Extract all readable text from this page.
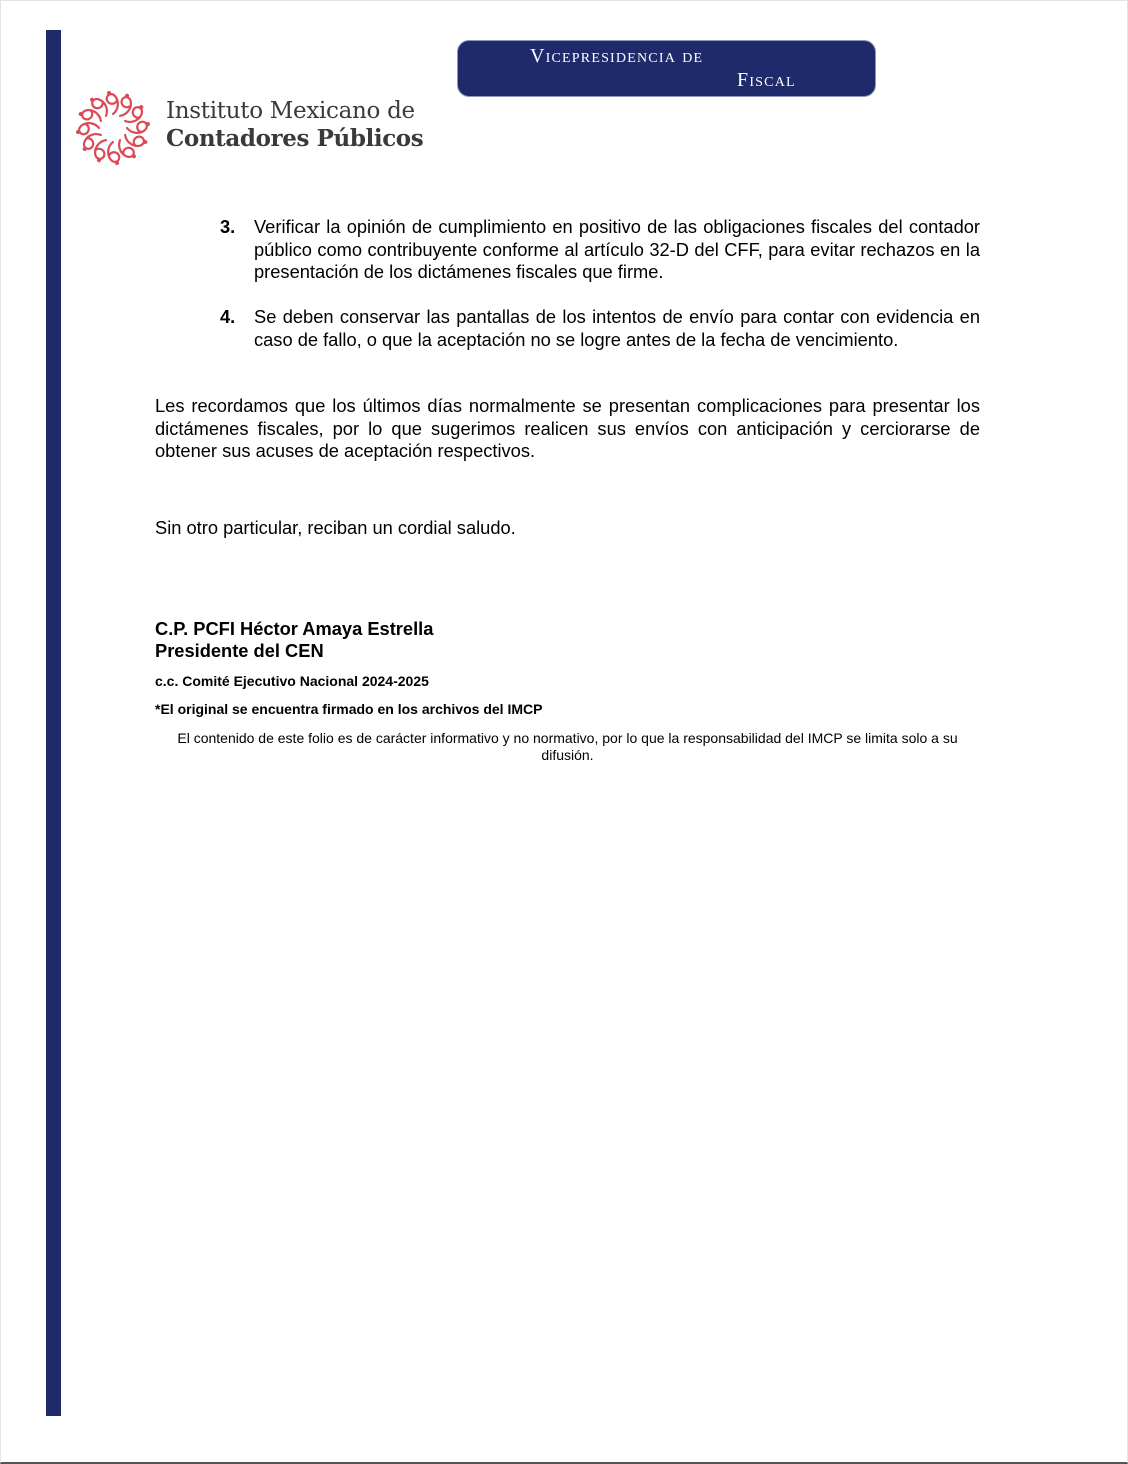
Vicepresidencia de
Fiscal
Instituto Mexicano de
Contadores Públicos
3. Verificar la opinión de cumplimiento en positivo de las obligaciones fiscales del contador público como contribuyente conforme al artículo 32-D del CFF, para evitar rechazos en la presentación de los dictámenes fiscales que firme.
4. Se deben conservar las pantallas de los intentos de envío para contar con evidencia en caso de fallo, o que la aceptación no se logre antes de la fecha de vencimiento.
Les recordamos que los últimos días normalmente se presentan complicaciones para presentar los dictámenes fiscales, por lo que sugerimos realicen sus envíos con anticipación y cerciorarse de obtener sus acuses de aceptación respectivos.
Sin otro particular, reciban un cordial saludo.
C.P. PCFI Héctor Amaya Estrella
Presidente del CEN
c.c. Comité Ejecutivo Nacional 2024-2025
*El original se encuentra firmado en los archivos del IMCP
El contenido de este folio es de carácter informativo y no normativo, por lo que la responsabilidad del IMCP se limita solo a su difusión.
